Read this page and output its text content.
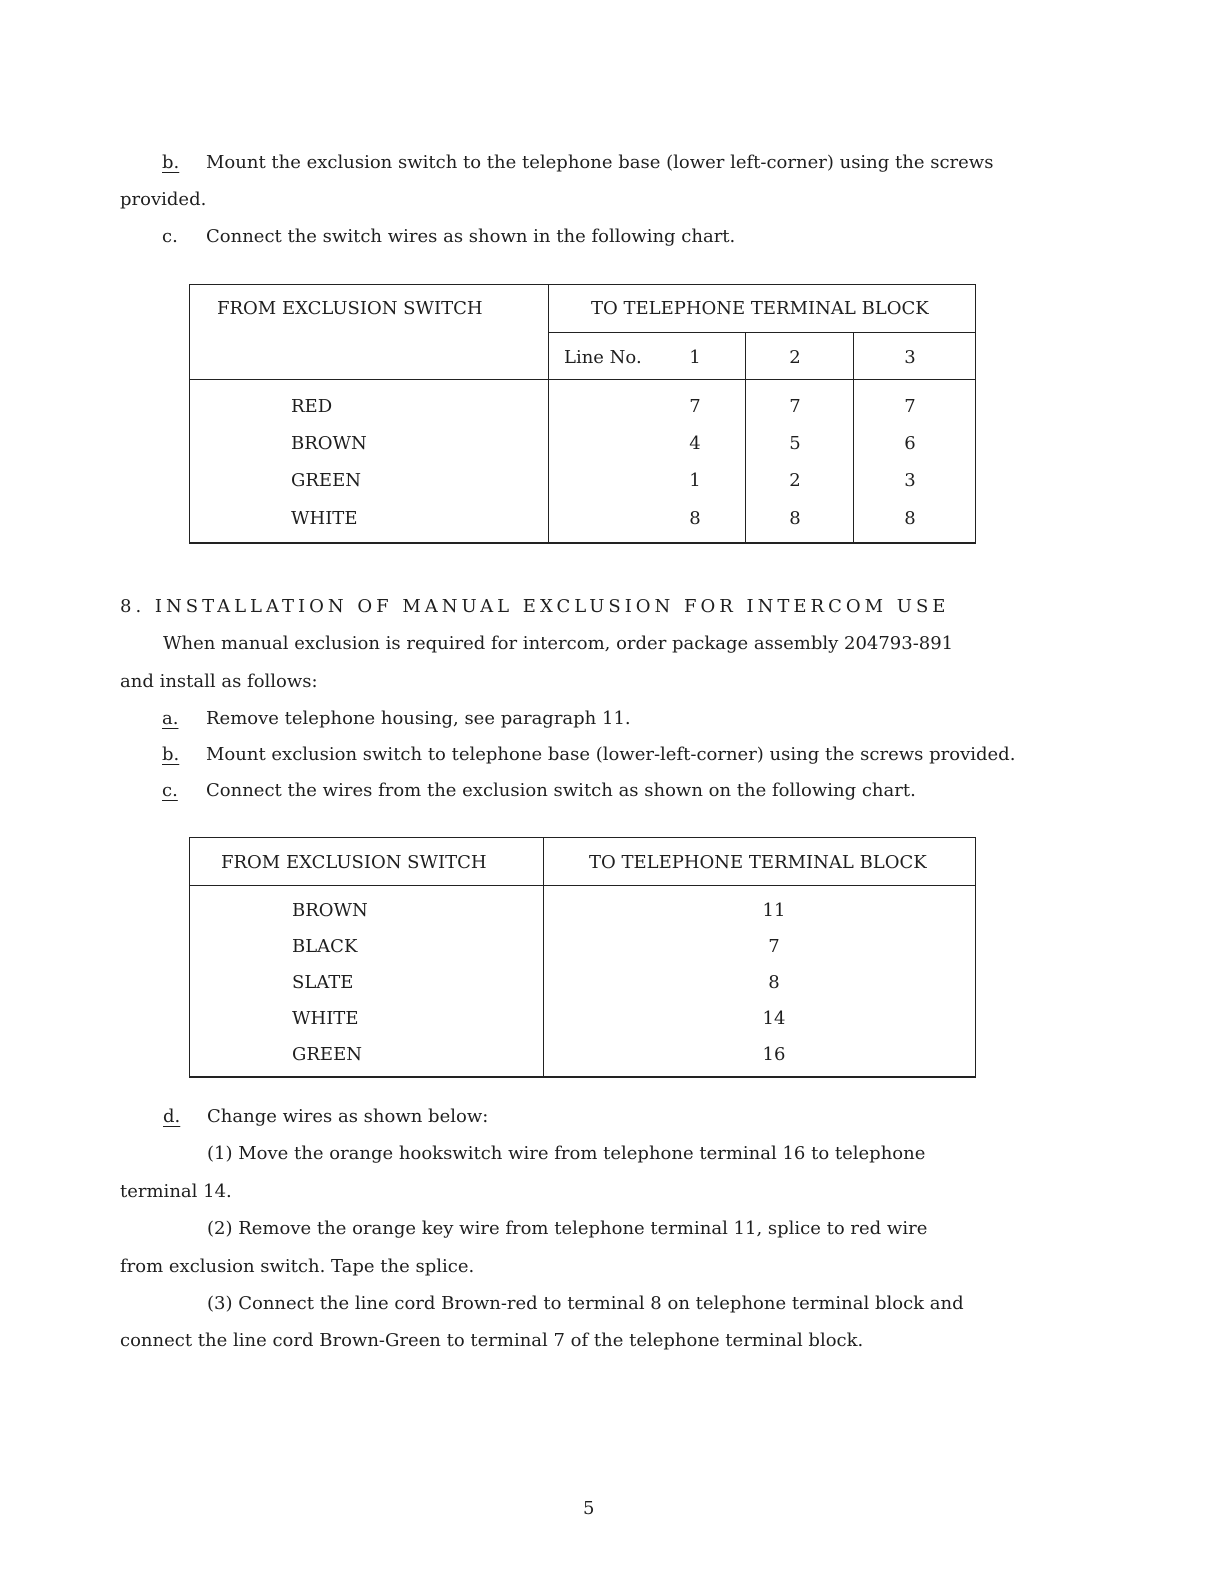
b. Mount the exclusion switch to the telephone base (lower left-corner) using the screws
provided.
c. Connect the switch wires as shown in the following chart.
FROM EXCLUSION SWITCH	TO TELEPHONE TERMINAL BLOCK
Line No.	1	2	3
RED	7	7	7
BROWN	4	5	6
GREEN	1	2	3
WHITE	8	8	8
8. INSTALLATION OF MANUAL EXCLUSION FOR INTERCOM USE
When manual exclusion is required for intercom, order package assembly 204793-891
and install as follows:
a. Remove telephone housing, see paragraph 11.
b. Mount exclusion switch to telephone base (lower-left-corner) using the screws provided.
c. Connect the wires from the exclusion switch as shown on the following chart.
FROM EXCLUSION SWITCH	TO TELEPHONE TERMINAL BLOCK
BROWN	11
BLACK	7
SLATE	8
WHITE	14
GREEN	16
d. Change wires as shown below:
(1) Move the orange hookswitch wire from telephone terminal 16 to telephone
terminal 14.
(2) Remove the orange key wire from telephone terminal 11, splice to red wire
from exclusion switch. Tape the splice.
(3) Connect the line cord Brown-red to terminal 8 on telephone terminal block and
connect the line cord Brown-Green to terminal 7 of the telephone terminal block.
5
